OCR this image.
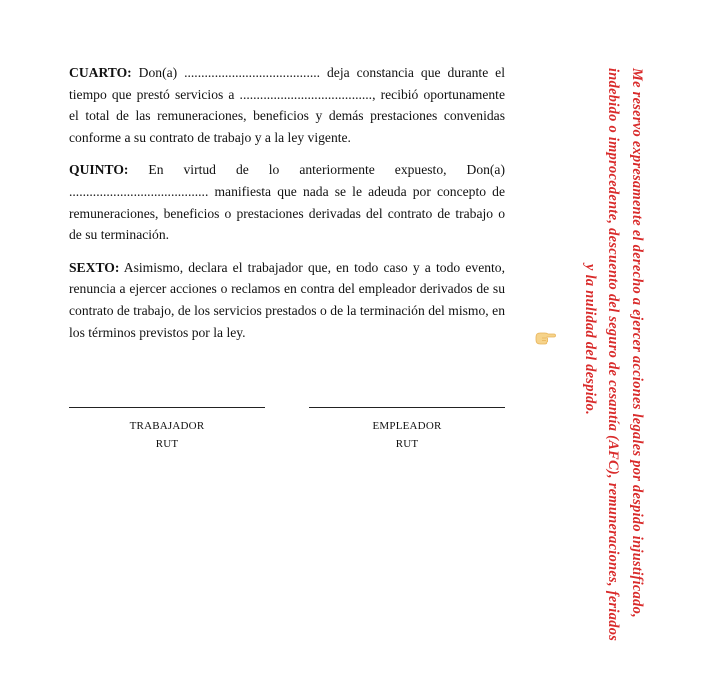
CUARTO: Don(a) ........................................ deja constancia que durante el tiempo que prestó servicios a ......................................., recibió oportunamente el total de las remuneraciones, beneficios y demás prestaciones convenidas conforme a su contrato de trabajo y a la ley vigente.

QUINTO: En virtud de lo anteriormente expuesto, Don(a) ......................................... manifiesta que nada se le adeuda por concepto de remuneraciones, beneficios o prestaciones derivadas del contrato de trabajo o de su terminación.

SEXTO: Asimismo, declara el trabajador que, en todo caso y a todo evento, renuncia a ejercer acciones o reclamos en contra del empleador derivados de su contrato de trabajo, de los servicios prestados o de la terminación del mismo, en los términos previstos por la ley.

TRABAJADOR
RUT
EMPLEADOR
RUT	Me reservo expresamente el derecho a ejercer acciones legales por despido injustificado,
indebido o improcedente, descuento del seguro de cesantía (AFC), remuneraciones, feriados
y la nulidad del despido.
